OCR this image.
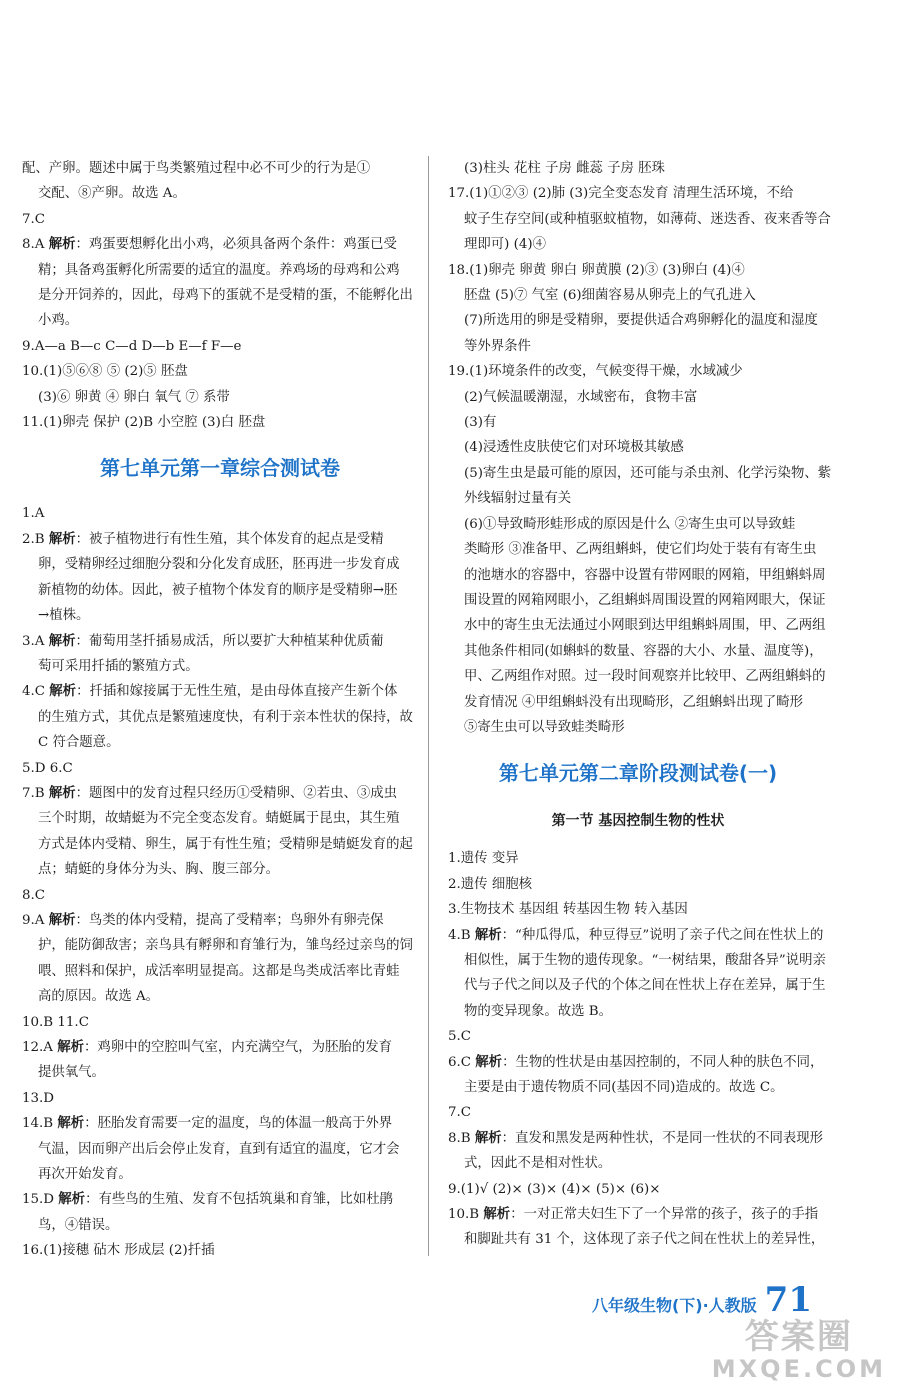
配、产卵。题述中属于鸟类繁殖过程中必不可少的行为是①
交配、⑧产卵。故选 A。
7.C
8.A 解析：鸡蛋要想孵化出小鸡，必须具备两个条件：鸡蛋已受
精；具备鸡蛋孵化所需要的适宜的温度。养鸡场的母鸡和公鸡
是分开饲养的，因此，母鸡下的蛋就不是受精的蛋，不能孵化出
小鸡。
9.A—a B—c C—d D—b E—f F—e
10.(1)⑤⑥⑧ ⑤ (2)⑤ 胚盘
(3)⑥ 卵黄 ④ 卵白 氧气 ⑦ 系带
11.(1)卵壳 保护 (2)B 小空腔 (3)白 胚盘
第七单元第一章综合测试卷
1.A
2.B 解析：被子植物进行有性生殖，其个体发育的起点是受精
卵，受精卵经过细胞分裂和分化发育成胚，胚再进一步发育成
新植物的幼体。因此，被子植物个体发育的顺序是受精卵→胚
→植株。
3.A 解析：葡萄用茎扦插易成活，所以要扩大种植某种优质葡
萄可采用扦插的繁殖方式。
4.C 解析：扦插和嫁接属于无性生殖，是由母体直接产生新个体
的生殖方式，其优点是繁殖速度快，有利于亲本性状的保持，故
C 符合题意。
5.D 6.C
7.B 解析：题图中的发育过程只经历①受精卵、②若虫、③成虫
三个时期，故蜻蜓为不完全变态发育。蜻蜓属于昆虫，其生殖
方式是体内受精、卵生，属于有性生殖；受精卵是蜻蜓发育的起
点；蜻蜓的身体分为头、胸、腹三部分。
8.C
9.A 解析：鸟类的体内受精，提高了受精率；鸟卵外有卵壳保
护，能防御敌害；亲鸟具有孵卵和育雏行为，雏鸟经过亲鸟的饲
喂、照料和保护，成活率明显提高。这都是鸟类成活率比青蛙
高的原因。故选 A。
10.B 11.C
12.A 解析：鸡卵中的空腔叫气室，内充满空气，为胚胎的发育
提供氧气。
13.D
14.B 解析：胚胎发育需要一定的温度，鸟的体温一般高于外界
气温，因而卵产出后会停止发育，直到有适宜的温度，它才会
再次开始发育。
15.D 解析：有些鸟的生殖、发育不包括筑巢和育雏，比如杜鹃
鸟，④错误。
16.(1)接穗 砧木 形成层 (2)扦插
(3)柱头 花柱 子房 雌蕊 子房 胚珠
17.(1)①②③ (2)肺 (3)完全变态发育 清理生活环境，不给
蚊子生存空间(或种植驱蚊植物，如薄荷、迷迭香、夜来香等合
理即可) (4)④
18.(1)卵壳 卵黄 卵白 卵黄膜 (2)③ (3)卵白 (4)④
胚盘 (5)⑦ 气室 (6)细菌容易从卵壳上的气孔进入
(7)所选用的卵是受精卵，要提供适合鸡卵孵化的温度和湿度
等外界条件
19.(1)环境条件的改变，气候变得干燥，水域减少
(2)气候温暖潮湿，水域密布，食物丰富
(3)有
(4)浸透性皮肤使它们对环境极其敏感
(5)寄生虫是最可能的原因，还可能与杀虫剂、化学污染物、紫
外线辐射过量有关
(6)①导致畸形蛙形成的原因是什么 ②寄生虫可以导致蛙
类畸形 ③准备甲、乙两组蝌蚪，使它们均处于装有有寄生虫
的池塘水的容器中，容器中设置有带网眼的网箱，甲组蝌蚪周
围设置的网箱网眼小，乙组蝌蚪周围设置的网箱网眼大，保证
水中的寄生虫无法通过小网眼到达甲组蝌蚪周围，甲、乙两组
其他条件相同(如蝌蚪的数量、容器的大小、水量、温度等)，
甲、乙两组作对照。过一段时间观察并比较甲、乙两组蝌蚪的
发育情况 ④甲组蝌蚪没有出现畸形，乙组蝌蚪出现了畸形
⑤寄生虫可以导致蛙类畸形
第七单元第二章阶段测试卷(一)
第一节 基因控制生物的性状
1.遗传 变异
2.遗传 细胞核
3.生物技术 基因组 转基因生物 转入基因
4.B 解析：“种瓜得瓜，种豆得豆”说明了亲子代之间在性状上的
相似性，属于生物的遗传现象。“一树结果，酸甜各异”说明亲
代与子代之间以及子代的个体之间在性状上存在差异，属于生
物的变异现象。故选 B。
5.C
6.C 解析：生物的性状是由基因控制的，不同人种的肤色不同，
主要是由于遗传物质不同(基因不同)造成的。故选 C。
7.C
8.B 解析：直发和黑发是两种性状，不是同一性状的不同表现形
式，因此不是相对性状。
9.(1)√ (2)× (3)× (4)× (5)× (6)×
10.B 解析：一对正常夫妇生下了一个异常的孩子，孩子的手指
和脚趾共有 31 个，这体现了亲子代之间在性状上的差异性，
八年级生物(下)·人教版 71
答案圈
MXQE.COM
